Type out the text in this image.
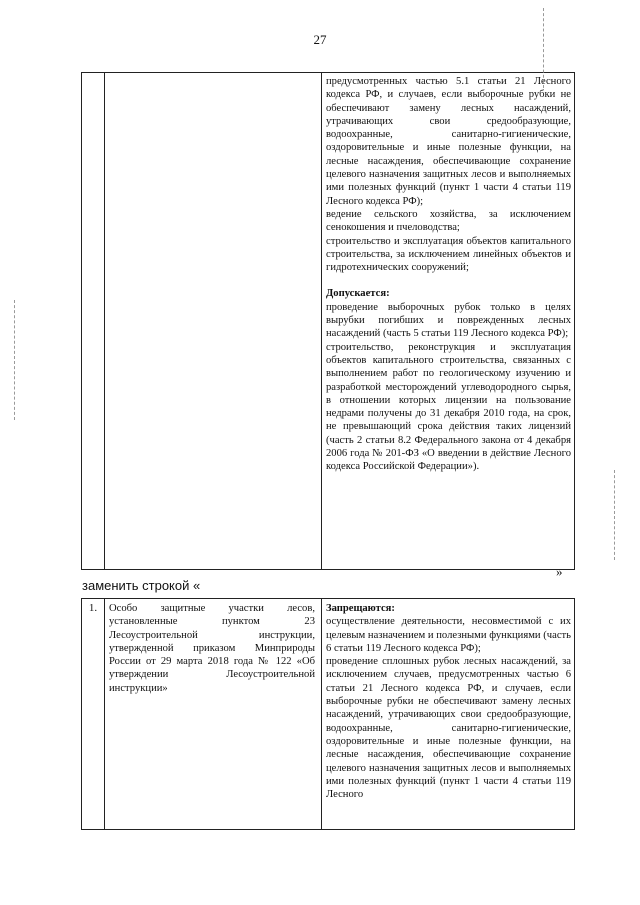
27

предусмотренных частью 5.1 статьи 21 Лесного кодекса РФ, и случаев, если выборочные рубки не обеспечивают замену лесных насаждений, утрачивающих свои средообразующие, водоохранные, санитарно-гигиенические, оздоровительные и иные полезные функции, на лесные насаждения, обеспечивающие сохранение целевого назначения защитных лесов и выполняемых ими полезных функций (пункт 1 части 4 статьи 119 Лесного кодекса РФ);

ведение сельского хозяйства, за исключением сенокошения и пчеловодства;

строительство и эксплуатация объектов капитального строительства, за исключением линейных объектов и гидротехнических сооружений;

Допускается:

проведение выборочных рубок только в целях вырубки погибших и поврежденных лесных насаждений (часть 5 статьи 119 Лесного кодекса РФ);

строительство, реконструкция и эксплуатация объектов капитального строительства, связанных с выполнением работ по геологическому изучению и разработкой месторождений углеводородного сырья, в отношении которых лицензии на пользование недрами получены до 31 декабря 2010 года, на срок, не превышающий срока действия таких лицензий (часть 2 статьи 8.2 Федерального закона от 4 декабря 2006 года № 201-ФЗ «О введении в действие Лесного кодекса Российской Федерации»).

»
заменить строкой «
1.	Особо защитные участки лесов, установленные пунктом 23 Лесоустроительной инструкции, утвержденной приказом Минприроды России от 29 марта 2018 года № 122 «Об утверждении Лесоустроительной инструкции»

Запрещаются:

осуществление деятельности, несовместимой с их целевым назначением и полезными функциями (часть 6 статьи 119 Лесного кодекса РФ);

проведение сплошных рубок лесных насаждений, за исключением случаев, предусмотренных частью 6 статьи 21 Лесного кодекса РФ, и случаев, если выборочные рубки не обеспечивают замену лесных насаждений, утрачивающих свои средообразующие, водоохранные, санитарно-гигиенические, оздоровительные и иные полезные функции, на лесные насаждения, обеспечивающие сохранение целевого назначения защитных лесов и выполняемых ими полезных функций (пункт 1 части 4 статьи 119 Лесного
